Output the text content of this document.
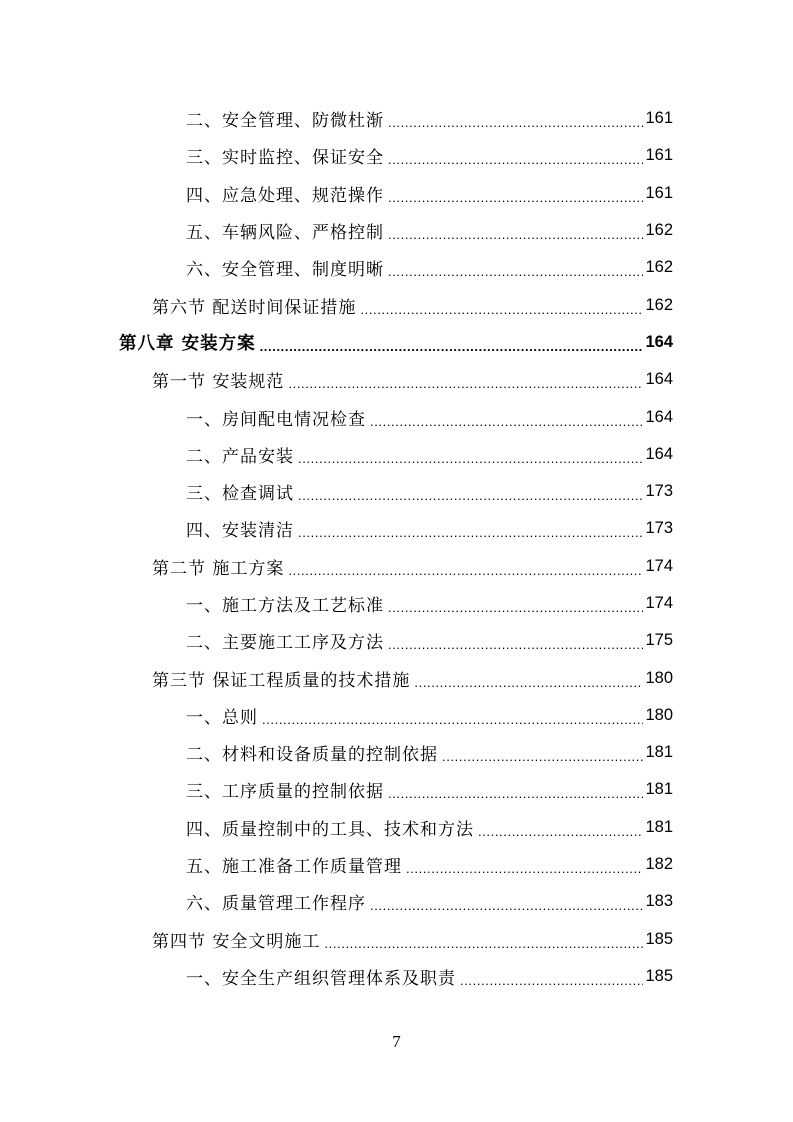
二、安全管理、防微杜渐 .....	161
三、实时监控、保证安全 .....	161
四、应急处理、规范操作 .....	161
五、车辆风险、严格控制 .....	162
六、安全管理、制度明晰 .....	162
第六节 配送时间保证措施 .....	162
第八章 安装方案 .....	164
第一节 安装规范 .....	164
一、房间配电情况检查 .....	164
二、产品安装 .....	164
三、检查调试 .....	173
四、安装清洁 .....	173
第二节 施工方案 .....	174
一、施工方法及工艺标准 .....	174
二、主要施工工序及方法 .....	175
第三节 保证工程质量的技术措施 .....	180
一、总则 .....	180
二、材料和设备质量的控制依据 .....	181
三、工序质量的控制依据 .....	181
四、质量控制中的工具、技术和方法 .....	181
五、施工准备工作质量管理 .....	182
六、质量管理工作程序 .....	183
第四节 安全文明施工 .....	185
一、安全生产组织管理体系及职责 .....	185
7
